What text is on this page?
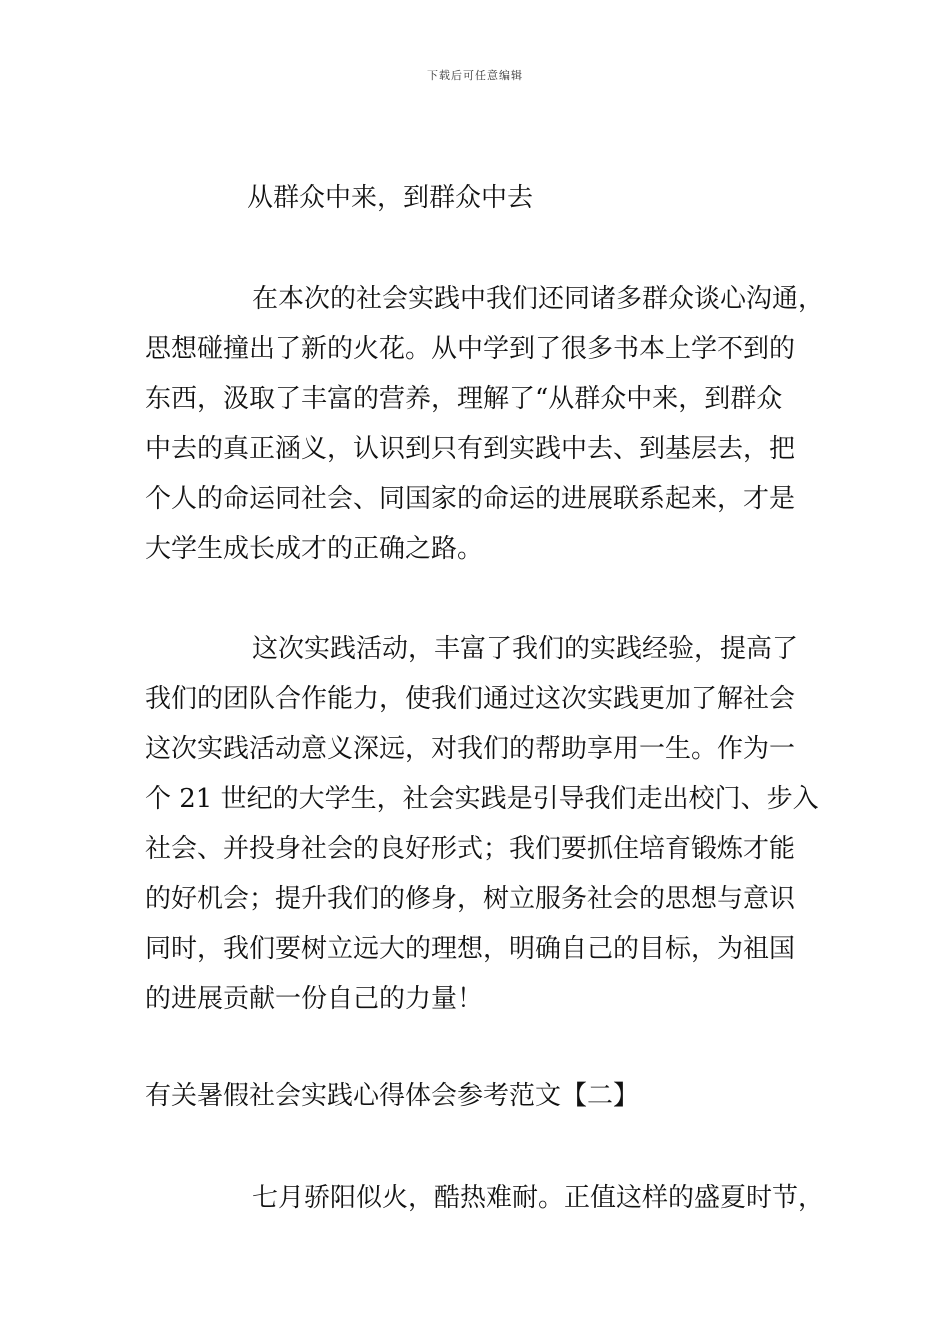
下载后可任意编辑
从群众中来，到群众中去
在本次的社会实践中我们还同诸多群众谈心沟通，
思想碰撞出了新的火花。从中学到了很多书本上学不到的
东西，汲取了丰富的营养，理解了“从群众中来，到群众
中去的真正涵义，认识到只有到实践中去、到基层去，把
个人的命运同社会、同国家的命运的进展联系起来，才是
大学生成长成才的正确之路。
这次实践活动，丰富了我们的实践经验，提高了
我们的团队合作能力，使我们通过这次实践更加了解社会
这次实践活动意义深远，对我们的帮助享用一生。作为一
个 21 世纪的大学生，社会实践是引导我们走出校门、步入
社会、并投身社会的良好形式；我们要抓住培育锻炼才能
的好机会；提升我们的修身，树立服务社会的思想与意识
同时，我们要树立远大的理想，明确自己的目标，为祖国
的进展贡献一份自己的力量！
有关暑假社会实践心得体会参考范文【二】
七月骄阳似火，酷热难耐。正值这样的盛夏时节，
